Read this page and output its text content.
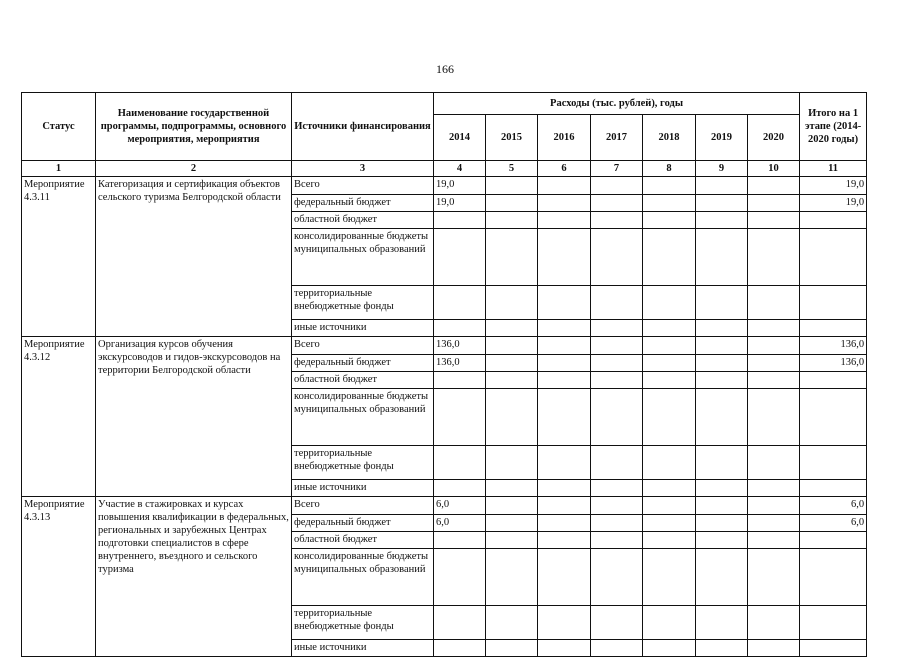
166
Статус	Наименование государственной программы, подпрограммы, основного мероприятия, мероприятия	Источники финансирования	Расходы (тыс. рублей), годы							Итого на 1 этапе (2014-2020 годы)
			2014	2015	2016	2017	2018	2019	2020	
1	2	3	4	5	6	7	8	9	10	11
Мероприятие 4.3.11	Категоризация и сертификация объектов сельского туризма Белгородской области	Всего	19,0							19,0
		федеральный бюджет	19,0							19,0
		областной бюджет								
		консолидированные бюджеты муниципальных образований								
		территориальные внебюджетные фонды								
		иные источники								
Мероприятие 4.3.12	Организация курсов обучения экскурсоводов и гидов-экскурсоводов на территории Белгородской области	Всего	136,0							136,0
		федеральный бюджет	136,0							136,0
		областной бюджет								
		консолидированные бюджеты муниципальных образований								
		территориальные внебюджетные фонды								
		иные источники								
Мероприятие 4.3.13	Участие в стажировках и курсах повышения квалификации в федеральных, региональных и зарубежных Центрах подготовки специалистов в сфере внутреннего, въездного и сельского туризма	Всего	6,0							6,0
		федеральный бюджет	6,0							6,0
		областной бюджет								
		консолидированные бюджеты муниципальных образований								
		территориальные внебюджетные фонды								
		иные источники								
